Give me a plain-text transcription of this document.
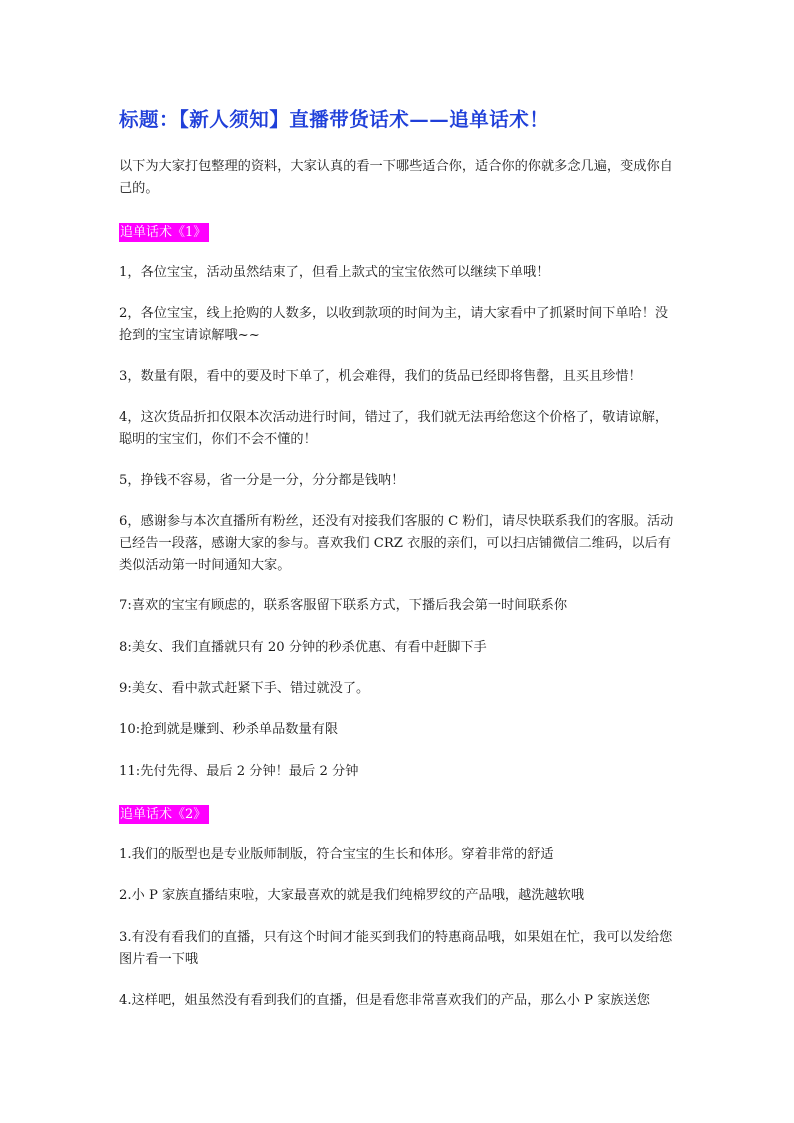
标题：【新人须知】直播带货话术——追单话术！

以下为大家打包整理的资料，大家认真的看一下哪些适合你，适合你的你就多念几遍，变成你自己的。

追单话术《1》

1，各位宝宝，活动虽然结束了，但看上款式的宝宝依然可以继续下单哦！

2，各位宝宝，线上抢购的人数多，以收到款项的时间为主，请大家看中了抓紧时间下单哈！没抢到的宝宝请谅解哦~~

3，数量有限，看中的要及时下单了，机会难得，我们的货品已经即将售罄，且买且珍惜！

4，这次货品折扣仅限本次活动进行时间，错过了，我们就无法再给您这个价格了，敬请谅解，聪明的宝宝们，你们不会不懂的！

5，挣钱不容易，省一分是一分，分分都是钱呐！

6，感谢参与本次直播所有粉丝，还没有对接我们客服的 C 粉们，请尽快联系我们的客服。活动已经告一段落，感谢大家的参与。喜欢我们 CRZ 衣服的亲们，可以扫店铺微信二维码，以后有类似活动第一时间通知大家。

7:喜欢的宝宝有顾虑的，联系客服留下联系方式，下播后我会第一时间联系你

8:美女、我们直播就只有 20 分钟的秒杀优惠、有看中赶脚下手

9:美女、看中款式赶紧下手、错过就没了。

10:抢到就是赚到、秒杀单品数量有限

11:先付先得、最后 2 分钟！最后 2 分钟

追单话术《2》

1.我们的版型也是专业版师制版，符合宝宝的生长和体形。穿着非常的舒适

2.小 P 家族直播结束啦，大家最喜欢的就是我们纯棉罗纹的产品哦，越洗越软哦

3.有没有看我们的直播，只有这个时间才能买到我们的特惠商品哦，如果姐在忙，我可以发给您图片看一下哦

4.这样吧，姐虽然没有看到我们的直播，但是看您非常喜欢我们的产品，那么小 P 家族送您
